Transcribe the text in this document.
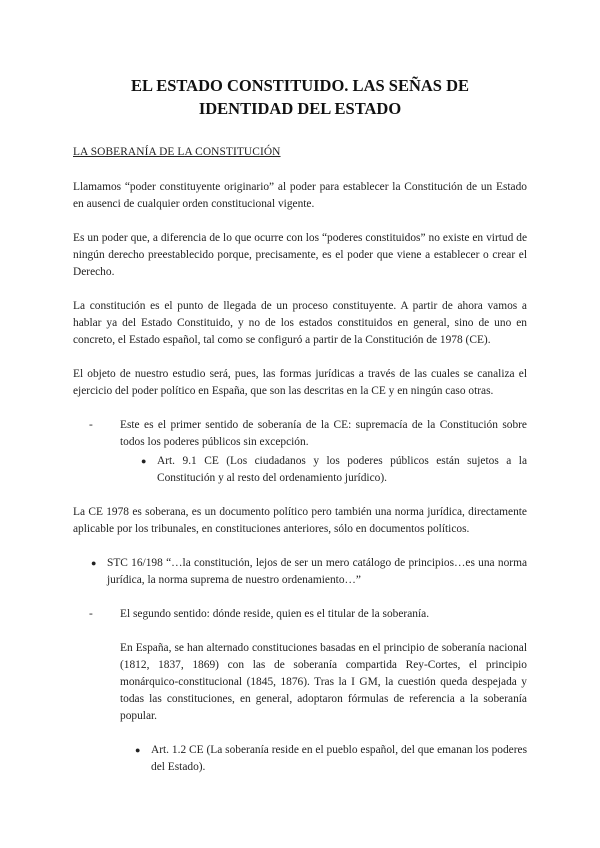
EL ESTADO CONSTITUIDO. LAS SEÑAS DE
IDENTIDAD DEL ESTADO
LA SOBERANÍA DE LA CONSTITUCIÓN

Llamamos “poder constituyente originario” al poder para establecer la Constitución de un Estado en ausenci de cualquier orden constitucional vigente.

Es un poder que, a diferencia de lo que ocurre con los “poderes constituidos” no existe en virtud de ningún derecho preestablecido porque, precisamente, es el poder que viene a establecer o crear el Derecho.

La constitución es el punto de llegada de un proceso constituyente. A partir de ahora vamos a hablar ya del Estado Constituido, y no de los estados constituidos en general, sino de uno en concreto, el Estado español, tal como se configuró a partir de la Constitución de 1978 (CE).

El objeto de nuestro estudio será, pues, las formas jurídicas a través de las cuales se canaliza el ejercicio del poder político en España, que son las descritas en la CE y en ningún caso otras.

- Este es el primer sentido de soberanía de la CE: supremacía de la Constitución sobre todos los poderes públicos sin excepción.
● Art. 9.1 CE (Los ciudadanos y los poderes públicos están sujetos a la Constitución y al resto del ordenamiento jurídico).

La CE 1978 es soberana, es un documento político pero también una norma jurídica, directamente aplicable por los tribunales, en constituciones anteriores, sólo en documentos políticos.

● STC 16/198 “…la constitución, lejos de ser un mero catálogo de principios…es una norma jurídica, la norma suprema de nuestro ordenamiento…”
- El segundo sentido: dónde reside, quien es el titular de la soberanía.

En España, se han alternado constituciones basadas en el principio de soberanía nacional (1812, 1837, 1869) con las de soberanía compartida Rey-Cortes, el principio monárquico-constitucional (1845, 1876). Tras la I GM, la cuestión queda despejada y todas las constituciones, en general, adoptaron fórmulas de referencia a la soberanía popular.

● Art. 1.2 CE (La soberanía reside en el pueblo español, del que emanan los poderes del Estado).
